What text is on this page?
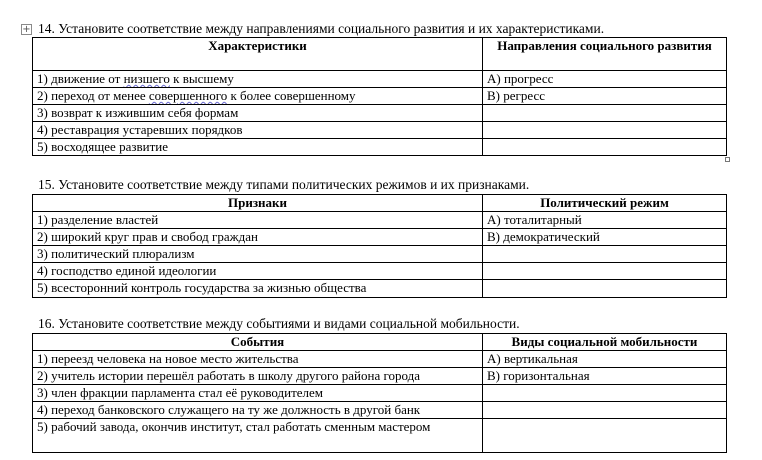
+ 14. Установите соответствие между направлениями социального развития и их характеристиками.
Характеристики	Направления социального развития
1) движение от низшего к высшему	А) прогресс
2) переход от менее совершенного к более совершенному	В) регресс
3) возврат к изжившим себя формам	
4) реставрация устаревших порядков	
5) восходящее развитие	
15. Установите соответствие между типами политических режимов и их признаками.
Признаки	Политический режим
1) разделение властей	А) тоталитарный
2) широкий круг прав и свобод граждан	В) демократический
3) политический плюрализм	
4) господство единой идеологии	
5) всесторонний контроль государства за жизнью общества	
16. Установите соответствие между событиями и видами социальной мобильности.
События	Виды социальной мобильности
1) переезд человека на новое место жительства	А) вертикальная
2) учитель истории перешёл работать в школу другого района города	В) горизонтальная
3) член фракции парламента стал её руководителем	
4) переход банковского служащего на ту же должность в другой банк	
5) рабочий завода, окончив институт, стал работать сменным мастером	
